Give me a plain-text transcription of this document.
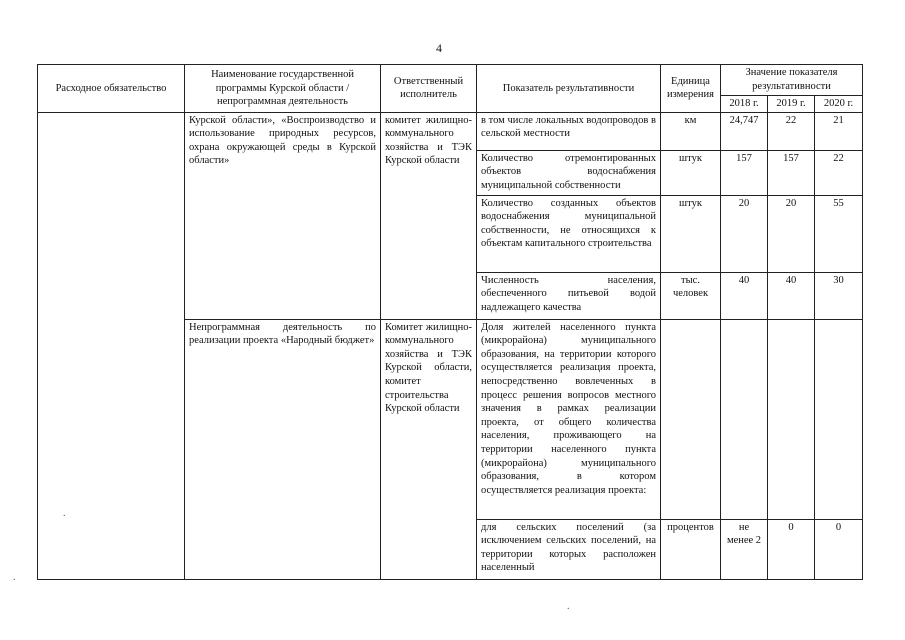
4
Расходное обязательство	Наименование государственной программы Курской области / непрограммная деятельность	Ответственный исполнитель	Показатель результативности	Единица измерения	Значение показателя результативности		
					2018 г.	2019 г.	2020 г.
	Курской области», «Воспроизводство и использование природных ресурсов, охрана окружающей среды в Курской области»	комитет жилищно-коммунального хозяйства и ТЭК Курской области	в том числе локальных водопроводов в сельской местности	км	24,747	22	21
			Количество отремонтированных объектов водоснабжения муниципальной собственности	штук	157	157	22
			Количество созданных объектов водоснабжения муниципальной собственности, не относящихся к объектам капитального строительства	штук	20	20	55
			Численность населения, обеспеченного питьевой водой надлежащего качества	тыс. человек	40	40	30
	Непрограммная деятельность по реализации проекта «Народный бюджет»	Комитет жилищно-коммунального хозяйства и ТЭК Курской области, комитет строительства Курской области	Доля жителей населенного пункта (микрорайона) муниципального образования, на территории которого осуществляется реализация проекта, непосредственно вовлеченных в процесс решения вопросов местного значения в рамках реализации проекта, от общего количества населения, проживающего на территории населенного пункта (микрорайона) муниципального образования, в котором осуществляется реализация проекта:				
			для сельских поселений (за исключением сельских поселений, на территории которых расположен населенный	процентов	не менее 2	0	0
.
.
.
